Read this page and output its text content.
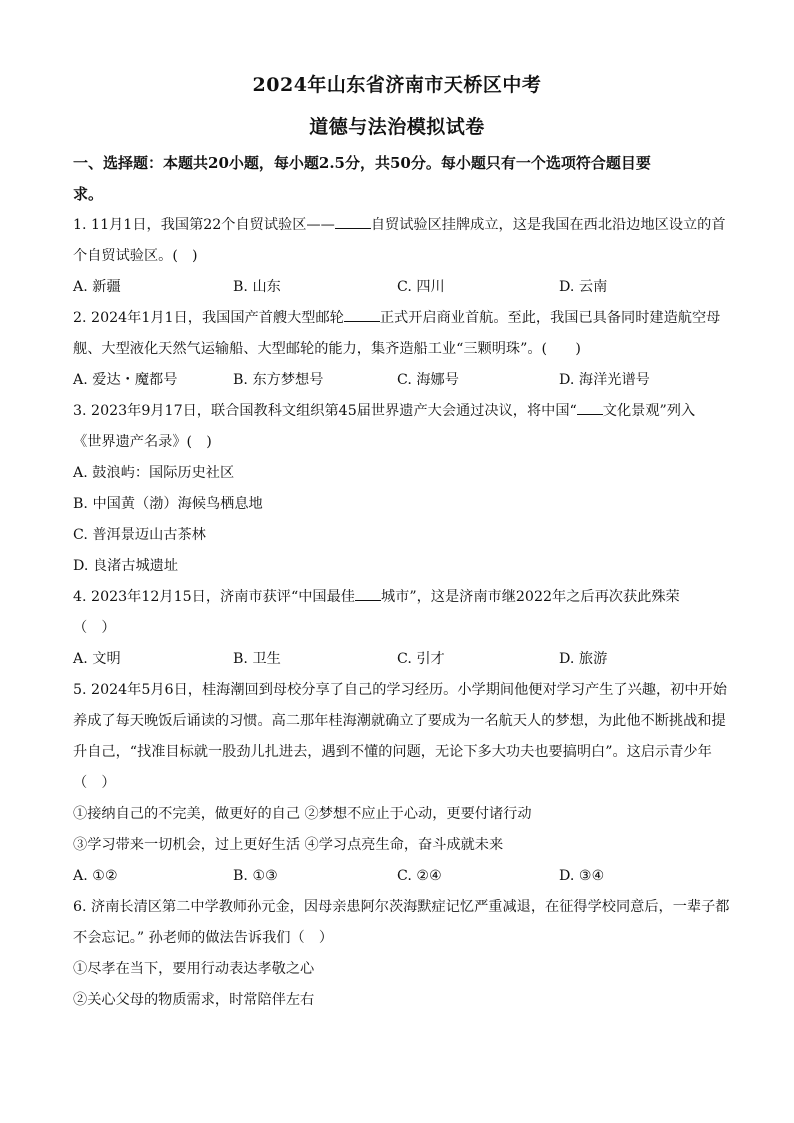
2024年山东省济南市天桥区中考
道德与法治模拟试卷
一、选择题：本题共20小题，每小题2.5分，共50分。每小题只有一个选项符合题目要
求。
1. 11月1日，我国第22个自贸试验区——	自贸试验区挂牌成立，这是我国在西北沿边地区设立的首
个自贸试验区。(　)
A. 新疆	B. 山东	C. 四川	D. 云南
2. 2024年1月1日，我国国产首艘大型邮轮	正式开启商业首航。至此，我国已具备同时建造航空母
舰、大型液化天然气运输船、大型邮轮的能力，集齐造船工业“三颗明珠”。(　　)
A. 爱达・魔都号	B. 东方梦想号	C. 海娜号	D. 海洋光谱号
3. 2023年9月17日，联合国教科文组织第45届世界遗产大会通过决议，将中国“ 文化景观”列入
《世界遗产名录》(　)
A. 鼓浪屿：国际历史社区
B. 中国黄（渤）海候鸟栖息地
C. 普洱景迈山古茶林
D. 良渚古城遗址
4. 2023年12月15日，济南市获评“中国最佳 城市”，这是济南市继2022年之后再次获此殊荣
（　）
A. 文明	B. 卫生	C. 引才	D. 旅游
5. 2024年5月6日，桂海潮回到母校分享了自己的学习经历。小学期间他便对学习产生了兴趣，初中开始
养成了每天晚饭后诵读的习惯。高二那年桂海潮就确立了要成为一名航天人的梦想，为此他不断挑战和提
升自己，“找准目标就一股劲儿扎进去，遇到不懂的问题，无论下多大功夫也要搞明白”。这启示青少年
（　）
①接纳自己的不完美，做更好的自己 ②梦想不应止于心动，更要付诸行动
③学习带来一切机会，过上更好生活 ④学习点亮生命，奋斗成就未来
A. ①②	B. ①③	C. ②④	D. ③④
6. 济南长清区第二中学教师孙元金，因母亲患阿尔茨海默症记忆严重减退，在征得学校同意后，一辈子都
不会忘记。” 孙老师的做法告诉我们（　）
①尽孝在当下，要用行动表达孝敬之心
②关心父母的物质需求，时常陪伴左右
